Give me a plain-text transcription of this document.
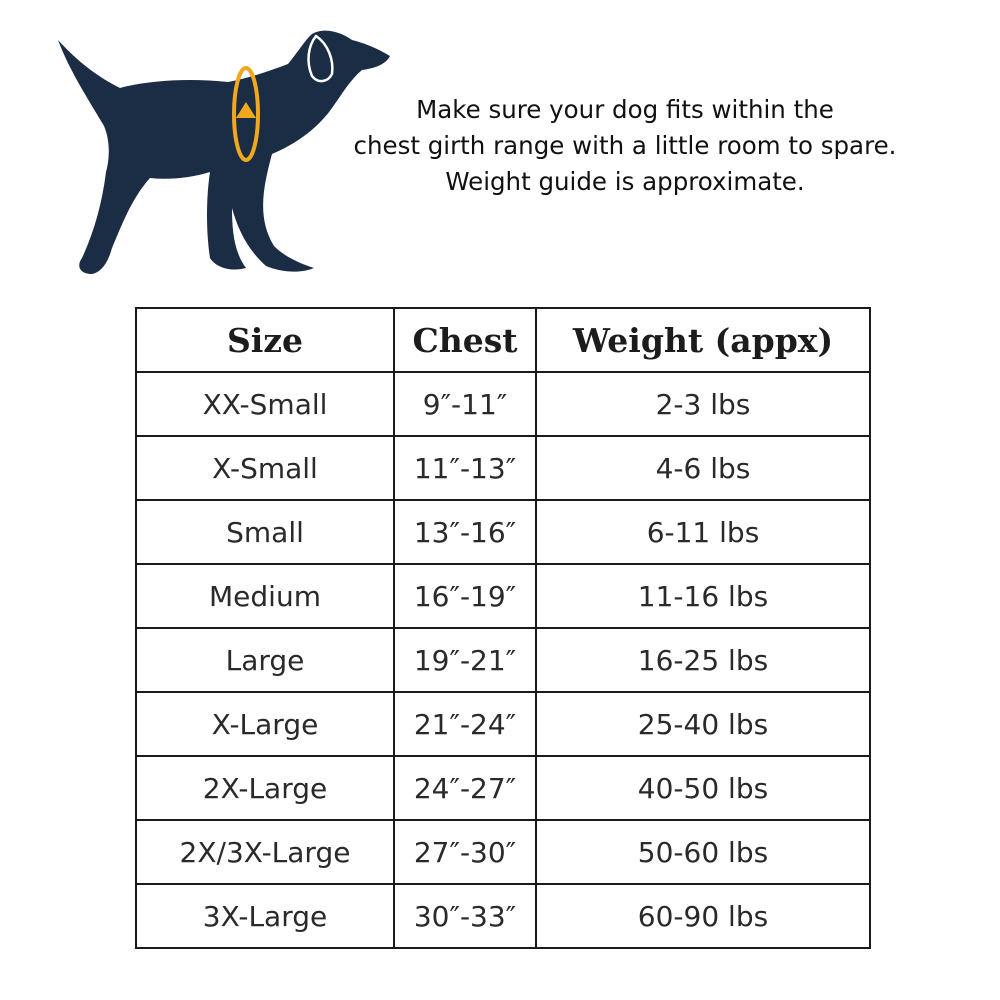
Make sure your dog fits within the
chest girth range with a little room to spare.
Weight guide is approximate.
Size	Chest	Weight (appx)
XX-Small	9″-11″	2-3 lbs
X-Small	11″-13″	4-6 lbs
Small	13″-16″	6-11 lbs
Medium	16″-19″	11-16 lbs
Large	19″-21″	16-25 lbs
X-Large	21″-24″	25-40 lbs
2X-Large	24″-27″	40-50 lbs
2X/3X-Large	27″-30″	50-60 lbs
3X-Large	30″-33″	60-90 lbs
